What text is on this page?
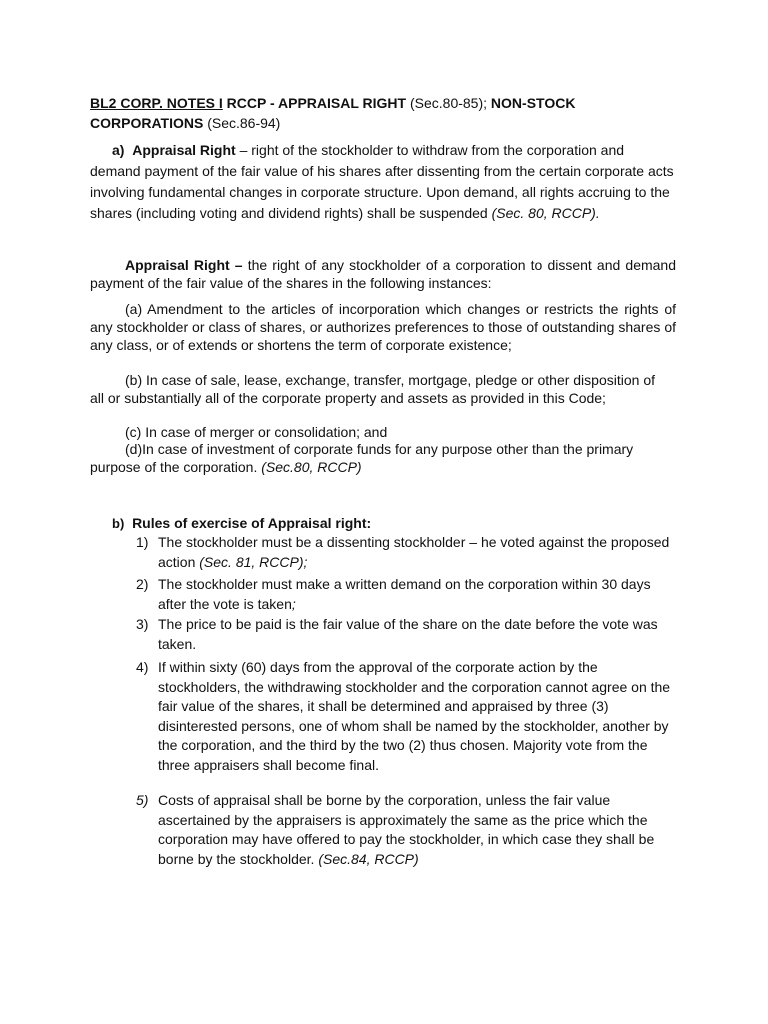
BL2 CORP. NOTES I RCCP - APPRAISAL RIGHT (Sec.80-85); NON-STOCK CORPORATIONS (Sec.86-94)
a) Appraisal Right – right of the stockholder to withdraw from the corporation and demand payment of the fair value of his shares after dissenting from the certain corporate acts involving fundamental changes in corporate structure. Upon demand, all rights accruing to the shares (including voting and dividend rights) shall be suspended (Sec. 80, RCCP).
Appraisal Right – the right of any stockholder of a corporation to dissent and demand payment of the fair value of the shares in the following instances:
(a) Amendment to the articles of incorporation which changes or restricts the rights of any stockholder or class of shares, or authorizes preferences to those of outstanding shares of any class, or of extends or shortens the term of corporate existence;
(b) In case of sale, lease, exchange, transfer, mortgage, pledge or other disposition of all or substantially all of the corporate property and assets as provided in this Code;
(c) In case of merger or consolidation; and
(d)In case of investment of corporate funds for any purpose other than the primary purpose of the corporation. (Sec.80, RCCP)
b) Rules of exercise of Appraisal right:
1) The stockholder must be a dissenting stockholder – he voted against the proposed action (Sec. 81, RCCP);
2) The stockholder must make a written demand on the corporation within 30 days after the vote is taken;
3) The price to be paid is the fair value of the share on the date before the vote was taken.
4) If within sixty (60) days from the approval of the corporate action by the stockholders, the withdrawing stockholder and the corporation cannot agree on the fair value of the shares, it shall be determined and appraised by three (3) disinterested persons, one of whom shall be named by the stockholder, another by the corporation, and the third by the two (2) thus chosen. Majority vote from the three appraisers shall become final.
5) Costs of appraisal shall be borne by the corporation, unless the fair value ascertained by the appraisers is approximately the same as the price which the corporation may have offered to pay the stockholder, in which case they shall be borne by the stockholder. (Sec.84, RCCP)
